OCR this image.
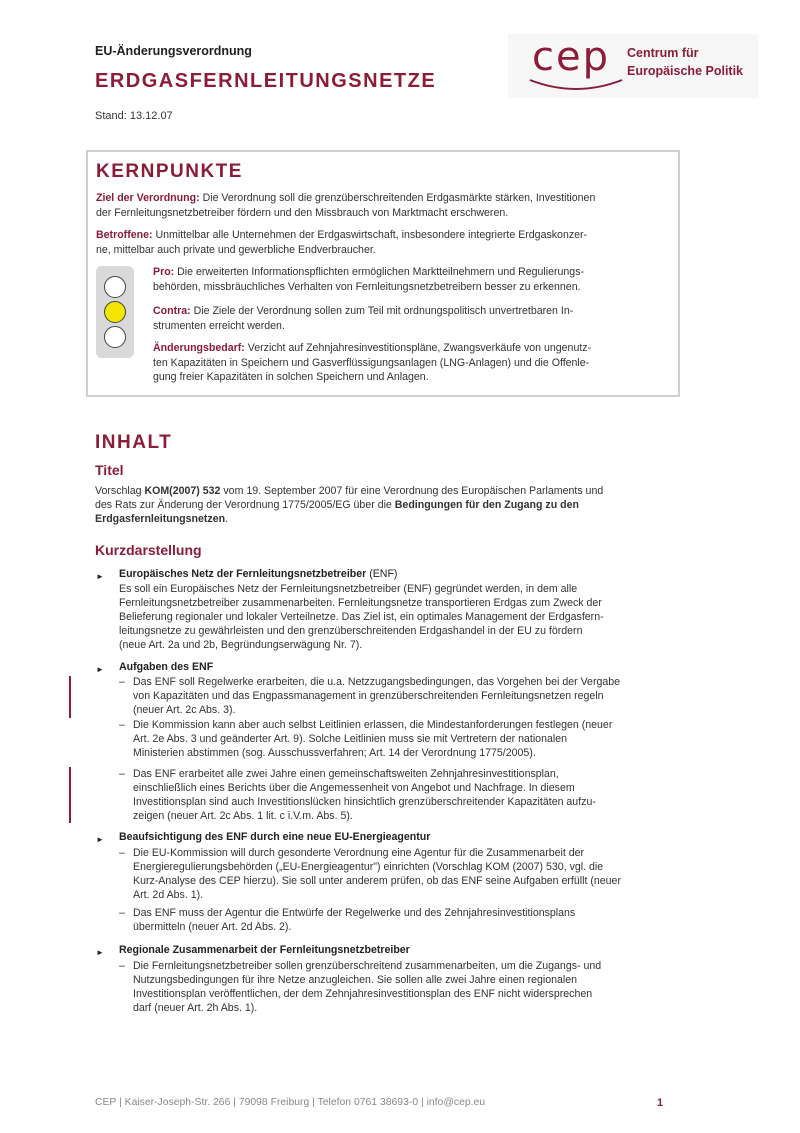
EU-Änderungsverordnung
ERDGASFERNLEITUNGSNETZE
Stand: 13.12.07
cep Centrum für
Europäische Politik
KERNPUNKTE
Ziel der Verordnung: Die Verordnung soll die grenzüberschreitenden Erdgasmärkte stärken, Investitionen
der Fernleitungsnetzbetreiber fördern und den Missbrauch von Marktmacht erschweren.
Betroffene: Unmittelbar alle Unternehmen der Erdgaswirtschaft, insbesondere integrierte Erdgaskonzer-
ne, mittelbar auch private und gewerbliche Endverbraucher.
Pro: Die erweiterten Informationspflichten ermöglichen Marktteilnehmern und Regulierungs-
behörden, missbräuchliches Verhalten von Fernleitungsnetzbetreibern besser zu erkennen.
Contra: Die Ziele der Verordnung sollen zum Teil mit ordnungspolitisch unvertretbaren In-
strumenten erreicht werden.
Änderungsbedarf: Verzicht auf Zehnjahresinvestitionspläne, Zwangsverkäufe von ungenutz-
ten Kapazitäten in Speichern und Gasverflüssigungsanlagen (LNG-Anlagen) und die Offenle-
gung freier Kapazitäten in solchen Speichern und Anlagen.
INHALT
Titel
Vorschlag KOM(2007) 532 vom 19. September 2007 für eine Verordnung des Europäischen Parlaments und
des Rats zur Änderung der Verordnung 1775/2005/EG über die Bedingungen für den Zugang zu den
Erdgasfernleitungsnetzen.
Kurzdarstellung
► Europäisches Netz der Fernleitungsnetzbetreiber (ENF)
Es soll ein Europäisches Netz der Fernleitungsnetzbetreiber (ENF) gegründet werden, in dem alle
Fernleitungsnetzbetreiber zusammenarbeiten. Fernleitungsnetze transportieren Erdgas zum Zweck der
Belieferung regionaler und lokaler Verteilnetze. Das Ziel ist, ein optimales Management der Erdgasfern-
leitungsnetze zu gewährleisten und den grenzüberschreitenden Erdgashandel in der EU zu fördern
(neue Art. 2a und 2b, Begründungserwägung Nr. 7).
► Aufgaben des ENF
– Das ENF soll Regelwerke erarbeiten, die u.a. Netzzugangsbedingungen, das Vorgehen bei der Vergabe
von Kapazitäten und das Engpassmanagement in grenzüberschreitenden Fernleitungsnetzen regeln
(neuer Art. 2c Abs. 3).
– Die Kommission kann aber auch selbst Leitlinien erlassen, die Mindestanforderungen festlegen (neuer
Art. 2e Abs. 3 und geänderter Art. 9). Solche Leitlinien muss sie mit Vertretern der nationalen
Ministerien abstimmen (sog. Ausschussverfahren; Art. 14 der Verordnung 1775/2005).
– Das ENF erarbeitet alle zwei Jahre einen gemeinschaftsweiten Zehnjahresinvestitionsplan,
einschließlich eines Berichts über die Angemessenheit von Angebot und Nachfrage. In diesem
Investitionsplan sind auch Investitionslücken hinsichtlich grenzüberschreitender Kapazitäten aufzu-
zeigen (neuer Art. 2c Abs. 1 lit. c i.V.m. Abs. 5).
► Beaufsichtigung des ENF durch eine neue EU-Energieagentur
– Die EU-Kommission will durch gesonderte Verordnung eine Agentur für die Zusammenarbeit der
Energieregulierungsbehörden („EU-Energieagentur") einrichten (Vorschlag KOM (2007) 530, vgl. die
Kurz-Analyse des CEP hierzu). Sie soll unter anderem prüfen, ob das ENF seine Aufgaben erfüllt (neuer
Art. 2d Abs. 1).
– Das ENF muss der Agentur die Entwürfe der Regelwerke und des Zehnjahresinvestitionsplans
übermitteln (neuer Art. 2d Abs. 2).
► Regionale Zusammenarbeit der Fernleitungsnetzbetreiber
– Die Fernleitungsnetzbetreiber sollen grenzüberschreitend zusammenarbeiten, um die Zugangs- und
Nutzungsbedingungen für ihre Netze anzugleichen. Sie sollen alle zwei Jahre einen regionalen
Investitionsplan veröffentlichen, der dem Zehnjahresinvestitionsplan des ENF nicht widersprechen
darf (neuer Art. 2h Abs. 1).
CEP | Kaiser-Joseph-Str. 266 | 79098 Freiburg | Telefon 0761 38693-0 | info@cep.eu	1
